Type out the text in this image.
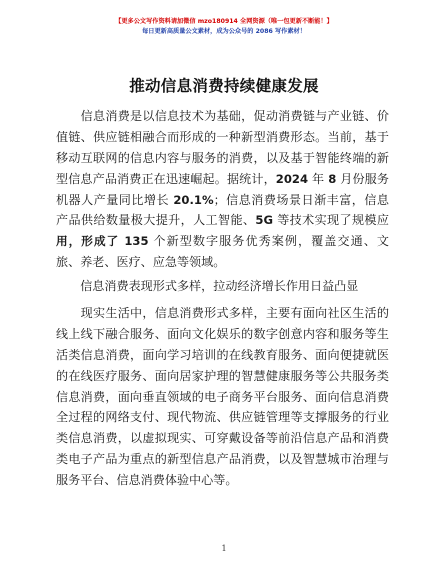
【更多公文写作资料请加微信 mzo180914 全网资源（唯一包更新不断能！】
每日更新高质量公文素材，成为公众号的 2086 写作素材！
推动信息消费持续健康发展
　　信息消费是以信息技术为基础，促动消费链与产业链、价
值链、供应链相融合而形成的一种新型消费形态。当前，基于
移动互联网的信息内容与服务的消费，以及基于智能终端的新
型信息产品消费正在迅速崛起。据统计，2024 年 8 月份服务
机器人产量同比增长 20.1%；信息消费场景日渐丰富，信息
产品供给数量极大提升，人工智能、5G 等技术实现了规模应
用，形成了 135 个新型数字服务优秀案例，覆盖交通、文
旅、养老、医疗、应急等领域。
　　信息消费表现形式多样，拉动经济增长作用日益凸显
　　现实生活中，信息消费形式多样，主要有面向社区生活的
线上线下融合服务、面向文化娱乐的数字创意内容和服务等生
活类信息消费，面向学习培训的在线教育服务、面向便捷就医
的在线医疗服务、面向居家护理的智慧健康服务等公共服务类
信息消费，面向垂直领域的电子商务平台服务、面向信息消费
全过程的网络支付、现代物流、供应链管理等支撑服务的行业
类信息消费，以虚拟现实、可穿戴设备等前沿信息产品和消费
类电子产品为重点的新型信息产品消费，以及智慧城市治理与
服务平台、信息消费体验中心等。
1
